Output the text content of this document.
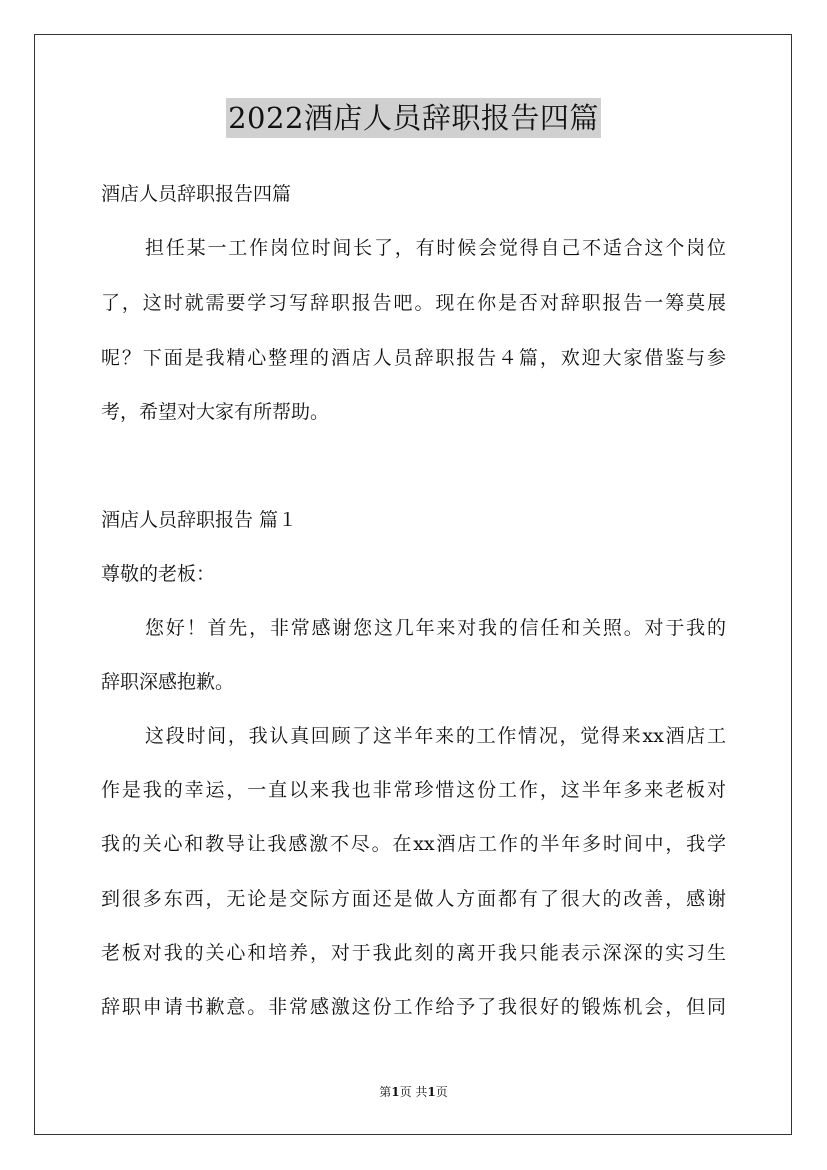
2022酒店人员辞职报告四篇
酒店人员辞职报告四篇
担任某一工作岗位时间长了，有时候会觉得自己不适合这个岗位
了，这时就需要学习写辞职报告吧。现在你是否对辞职报告一筹莫展
呢？下面是我精心整理的酒店人员辞职报告４篇，欢迎大家借鉴与参
考，希望对大家有所帮助。
酒店人员辞职报告 篇１
尊敬的老板：
您好！首先，非常感谢您这几年来对我的信任和关照。对于我的
辞职深感抱歉。
这段时间，我认真回顾了这半年来的工作情况，觉得来xx酒店工
作是我的幸运，一直以来我也非常珍惜这份工作，这半年多来老板对
我的关心和教导让我感激不尽。在xx酒店工作的半年多时间中，我学
到很多东西，无论是交际方面还是做人方面都有了很大的改善，感谢
老板对我的关心和培养，对于我此刻的离开我只能表示深深的实习生
辞职申请书歉意。非常感激这份工作给予了我很好的锻炼机会，但同
第1页 共1页
